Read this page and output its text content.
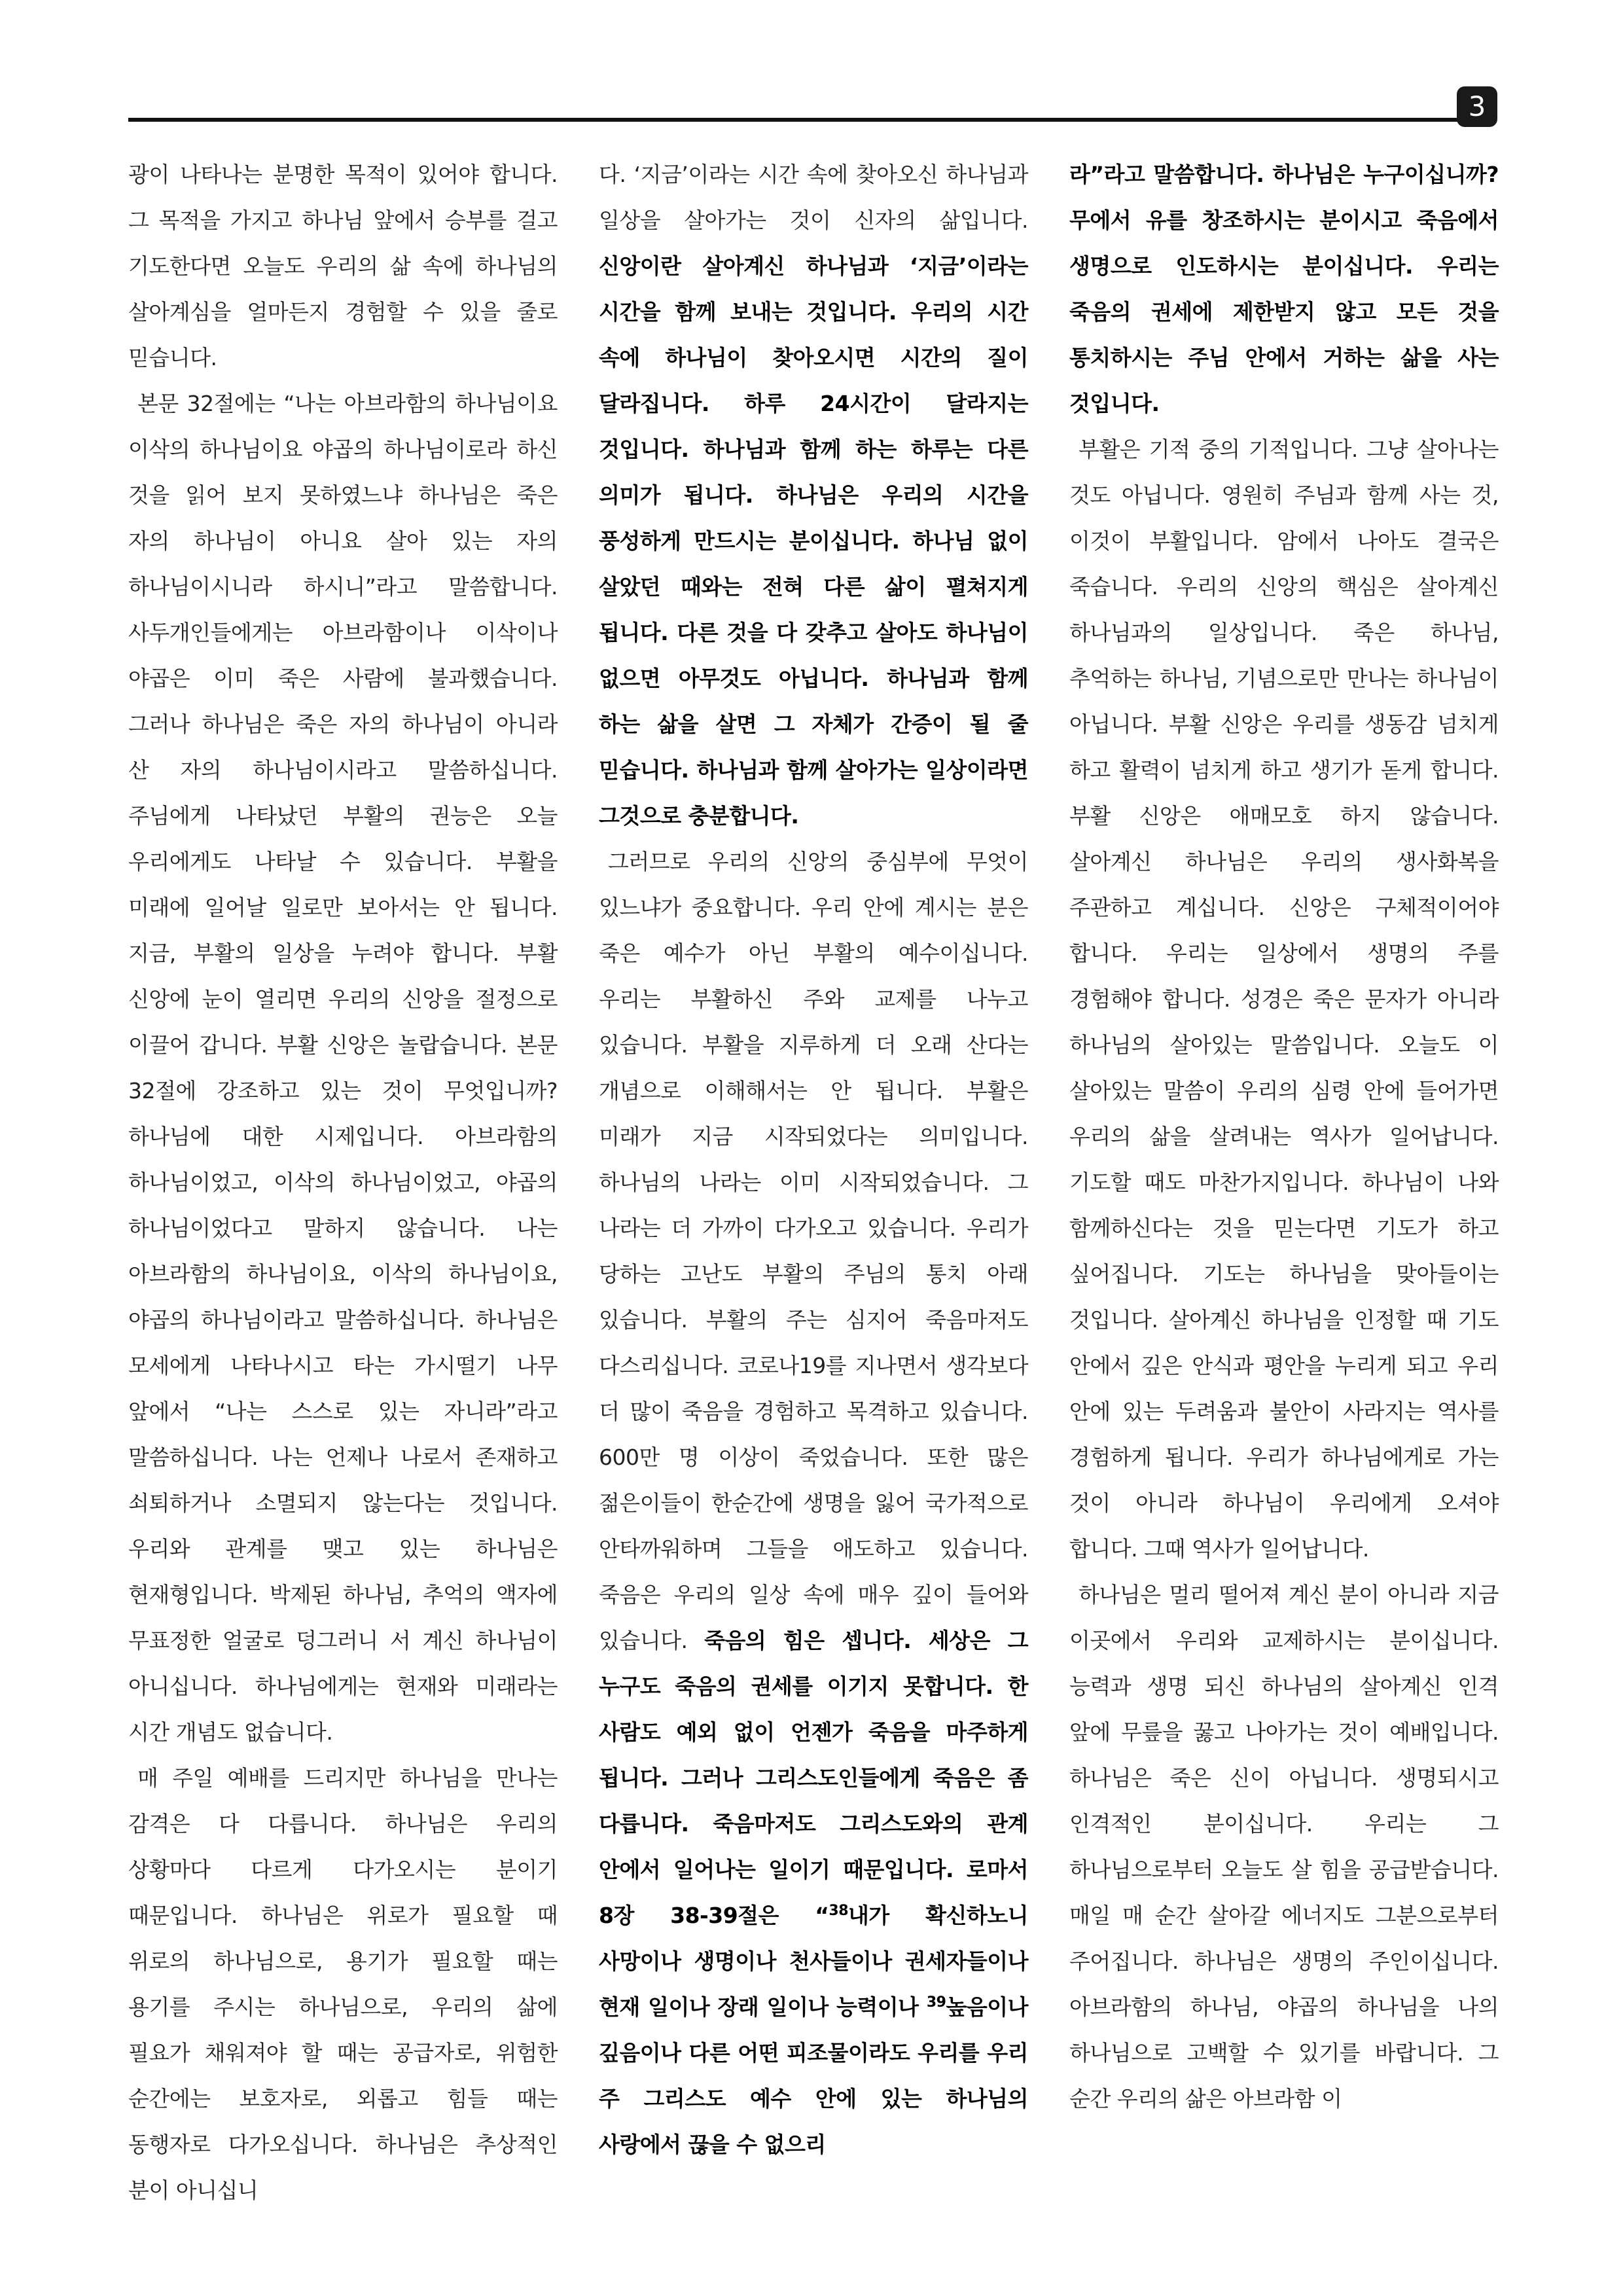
3

광이 나타나는 분명한 목적이 있어야 합니다. 그 목적을 가지고 하나님 앞에서 승부를 걸고 기도한다면 오늘도 우리의 삶 속에 하나님의 살아계심을 얼마든지 경험할 수 있을 줄로 믿습니다.

본문 32절에는 “나는 아브라함의 하나님이요 이삭의 하나님이요 야곱의 하나님이로라 하신 것을 읽어 보지 못하였느냐 하나님은 죽은 자의 하나님이 아니요 살아 있는 자의 하나님이시니라 하시니”라고 말씀합니다. 사두개인들에게는 아브라함이나 이삭이나 야곱은 이미 죽은 사람에 불과했습니다. 그러나 하나님은 죽은 자의 하나님이 아니라 산 자의 하나님이시라고 말씀하십니다. 주님에게 나타났던 부활의 권능은 오늘 우리에게도 나타날 수 있습니다. 부활을 미래에 일어날 일로만 보아서는 안 됩니다. 지금, 부활의 일상을 누려야 합니다. 부활 신앙에 눈이 열리면 우리의 신앙을 절정으로 이끌어 갑니다. 부활 신앙은 놀랍습니다. 본문 32절에 강조하고 있는 것이 무엇입니까? 하나님에 대한 시제입니다. 아브라함의 하나님이었고, 이삭의 하나님이었고, 야곱의 하나님이었다고 말하지 않습니다. 나는 아브라함의 하나님이요, 이삭의 하나님이요, 야곱의 하나님이라고 말씀하십니다. 하나님은 모세에게 나타나시고 타는 가시떨기 나무 앞에서 “나는 스스로 있는 자니라”라고 말씀하십니다. 나는 언제나 나로서 존재하고 쇠퇴하거나 소멸되지 않는다는 것입니다. 우리와 관계를 맺고 있는 하나님은 현재형입니다. 박제된 하나님, 추억의 액자에 무표정한 얼굴로 덩그러니 서 계신 하나님이 아니십니다. 하나님에게는 현재와 미래라는 시간 개념도 없습니다.

매 주일 예배를 드리지만 하나님을 만나는 감격은 다 다릅니다. 하나님은 우리의 상황마다 다르게 다가오시는 분이기 때문입니다. 하나님은 위로가 필요할 때 위로의 하나님으로, 용기가 필요할 때는 용기를 주시는 하나님으로, 우리의 삶에 필요가 채워져야 할 때는 공급자로, 위험한 순간에는 보호자로, 외롭고 힘들 때는 동행자로 다가오십니다. 하나님은 추상적인 분이 아니십니

다. ‘지금’이라는 시간 속에 찾아오신 하나님과 일상을 살아가는 것이 신자의 삶입니다. 신앙이란 살아계신 하나님과 ‘지금’이라는 시간을 함께 보내는 것입니다. 우리의 시간 속에 하나님이 찾아오시면 시간의 질이 달라집니다. 하루 24시간이 달라지는 것입니다. 하나님과 함께 하는 하루는 다른 의미가 됩니다. 하나님은 우리의 시간을 풍성하게 만드시는 분이십니다. 하나님 없이 살았던 때와는 전혀 다른 삶이 펼쳐지게 됩니다. 다른 것을 다 갖추고 살아도 하나님이 없으면 아무것도 아닙니다. 하나님과 함께 하는 삶을 살면 그 자체가 간증이 될 줄 믿습니다. 하나님과 함께 살아가는 일상이라면 그것으로 충분합니다.

그러므로 우리의 신앙의 중심부에 무엇이 있느냐가 중요합니다. 우리 안에 계시는 분은 죽은 예수가 아닌 부활의 예수이십니다. 우리는 부활하신 주와 교제를 나누고 있습니다. 부활을 지루하게 더 오래 산다는 개념으로 이해해서는 안 됩니다. 부활은 미래가 지금 시작되었다는 의미입니다. 하나님의 나라는 이미 시작되었습니다. 그 나라는 더 가까이 다가오고 있습니다. 우리가 당하는 고난도 부활의 주님의 통치 아래 있습니다. 부활의 주는 심지어 죽음마저도 다스리십니다. 코로나19를 지나면서 생각보다 더 많이 죽음을 경험하고 목격하고 있습니다. 600만 명 이상이 죽었습니다. 또한 많은 젊은이들이 한순간에 생명을 잃어 국가적으로 안타까워하며 그들을 애도하고 있습니다. 죽음은 우리의 일상 속에 매우 깊이 들어와 있습니다. 죽음의 힘은 셉니다. 세상은 그 누구도 죽음의 권세를 이기지 못합니다. 한 사람도 예외 없이 언젠가 죽음을 마주하게 됩니다. 그러나 그리스도인들에게 죽음은 좀 다릅니다. 죽음마저도 그리스도와의 관계 안에서 일어나는 일이기 때문입니다. 로마서 8장 38-39절은 “$^{38}$내가 확신하노니 사망이나 생명이나 천사들이나 권세자들이나 현재 일이나 장래 일이나 능력이나 $^{39}$높음이나 깊음이나 다른 어떤 피조물이라도 우리를 우리 주 그리스도 예수 안에 있는 하나님의 사랑에서 끊을 수 없으리

라”라고 말씀합니다. 하나님은 누구이십니까? 무에서 유를 창조하시는 분이시고 죽음에서 생명으로 인도하시는 분이십니다. 우리는 죽음의 권세에 제한받지 않고 모든 것을 통치하시는 주님 안에서 거하는 삶을 사는 것입니다.

부활은 기적 중의 기적입니다. 그냥 살아나는 것도 아닙니다. 영원히 주님과 함께 사는 것, 이것이 부활입니다. 암에서 나아도 결국은 죽습니다. 우리의 신앙의 핵심은 살아계신 하나님과의 일상입니다. 죽은 하나님, 추억하는 하나님, 기념으로만 만나는 하나님이 아닙니다. 부활 신앙은 우리를 생동감 넘치게 하고 활력이 넘치게 하고 생기가 돋게 합니다. 부활 신앙은 애매모호 하지 않습니다. 살아계신 하나님은 우리의 생사화복을 주관하고 계십니다. 신앙은 구체적이어야 합니다. 우리는 일상에서 생명의 주를 경험해야 합니다. 성경은 죽은 문자가 아니라 하나님의 살아있는 말씀입니다. 오늘도 이 살아있는 말씀이 우리의 심령 안에 들어가면 우리의 삶을 살려내는 역사가 일어납니다. 기도할 때도 마찬가지입니다. 하나님이 나와 함께하신다는 것을 믿는다면 기도가 하고 싶어집니다. 기도는 하나님을 맞아들이는 것입니다. 살아계신 하나님을 인정할 때 기도 안에서 깊은 안식과 평안을 누리게 되고 우리 안에 있는 두려움과 불안이 사라지는 역사를 경험하게 됩니다. 우리가 하나님에게로 가는 것이 아니라 하나님이 우리에게 오셔야 합니다. 그때 역사가 일어납니다.

하나님은 멀리 떨어져 계신 분이 아니라 지금 이곳에서 우리와 교제하시는 분이십니다. 능력과 생명 되신 하나님의 살아계신 인격 앞에 무릎을 꿇고 나아가는 것이 예배입니다. 하나님은 죽은 신이 아닙니다. 생명되시고 인격적인 분이십니다. 우리는 그 하나님으로부터 오늘도 살 힘을 공급받습니다. 매일 매 순간 살아갈 에너지도 그분으로부터 주어집니다. 하나님은 생명의 주인이십니다. 아브라함의 하나님, 야곱의 하나님을 나의 하나님으로 고백할 수 있기를 바랍니다. 그 순간 우리의 삶은 아브라함 이
